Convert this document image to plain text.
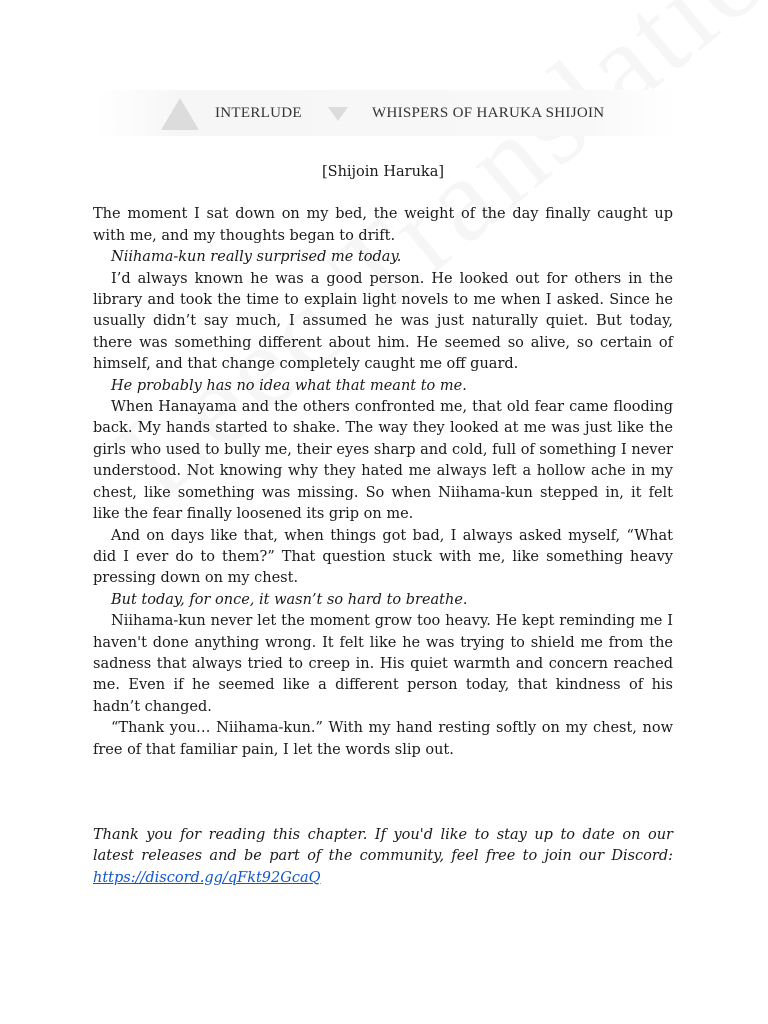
INTERLUDE	WHISPERS OF HARUKA SHIJOIN

[Shijoin Haruka]

The moment I sat down on my bed, the weight of the day finally caught up with me, and my thoughts began to drift.

Niihama-kun really surprised me today.

I’d always known he was a good person. He looked out for others in the library and took the time to explain light novels to me when I asked. Since he usually didn’t say much, I assumed he was just naturally quiet. But today, there was something different about him. He seemed so alive, so certain of himself, and that change completely caught me off guard.

He probably has no idea what that meant to me.

When Hanayama and the others confronted me, that old fear came flooding back. My hands started to shake. The way they looked at me was just like the girls who used to bully me, their eyes sharp and cold, full of something I never understood. Not knowing why they hated me always left a hollow ache in my chest, like something was missing. So when Niihama-kun stepped in, it felt like the fear finally loosened its grip on me.

And on days like that, when things got bad, I always asked myself, “What did I ever do to them?” That question stuck with me, like something heavy pressing down on my chest.

But today, for once, it wasn’t so hard to breathe.

Niihama-kun never let the moment grow too heavy. He kept reminding me I haven't done anything wrong. It felt like he was trying to shield me from the sadness that always tried to creep in. His quiet warmth and concern reached me. Even if he seemed like a different person today, that kindness of his hadn’t changed.

“Thank you… Niihama-kun.” With my hand resting softly on my chest, now free of that familiar pain, I let the words slip out.

Thank you for reading this chapter. If you'd like to stay up to date on our latest releases and be part of the community, feel free to join our Discord:

https://discord.gg/qFkt92GcaQ
